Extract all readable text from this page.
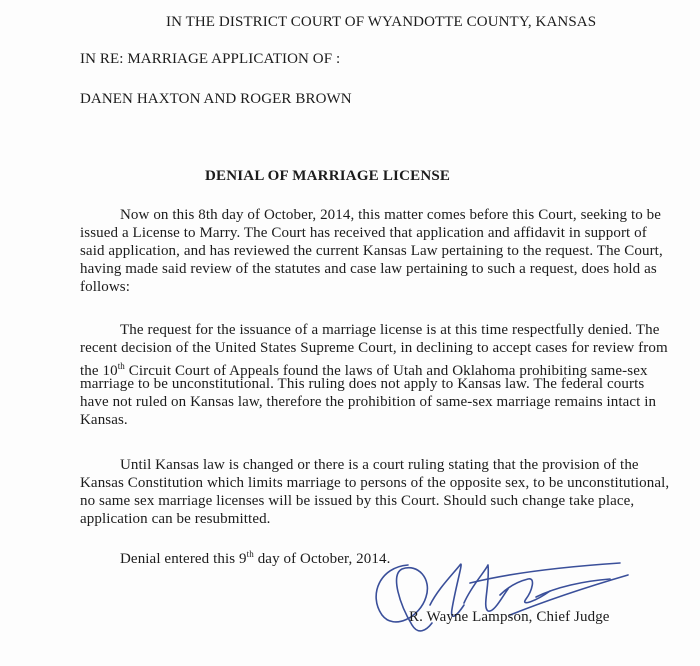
IN THE DISTRICT COURT OF WYANDOTTE COUNTY, KANSAS
IN RE: MARRIAGE APPLICATION OF :
DANEN HAXTON AND ROGER BROWN
DENIAL OF MARRIAGE LICENSE
Now on this 8th day of October, 2014, this matter comes before this Court, seeking to be
issued a License to Marry. The Court has received that application and affidavit in support of
said application, and has reviewed the current Kansas Law pertaining to the request. The Court,
having made said review of the statutes and case law pertaining to such a request, does hold as
follows:
The request for the issuance of a marriage license is at this time respectfully denied. The
recent decision of the United States Supreme Court, in declining to accept cases for review from
the 10th Circuit Court of Appeals found the laws of Utah and Oklahoma prohibiting same-sex
marriage to be unconstitutional. This ruling does not apply to Kansas law. The federal courts
have not ruled on Kansas law, therefore the prohibition of same-sex marriage remains intact in
Kansas.
Until Kansas law is changed or there is a court ruling stating that the provision of the
Kansas Constitution which limits marriage to persons of the opposite sex, to be unconstitutional,
no same sex marriage licenses will be issued by this Court. Should such change take place,
application can be resubmitted.
Denial entered this 9th day of October, 2014.
R. Wayne Lampson, Chief Judge
